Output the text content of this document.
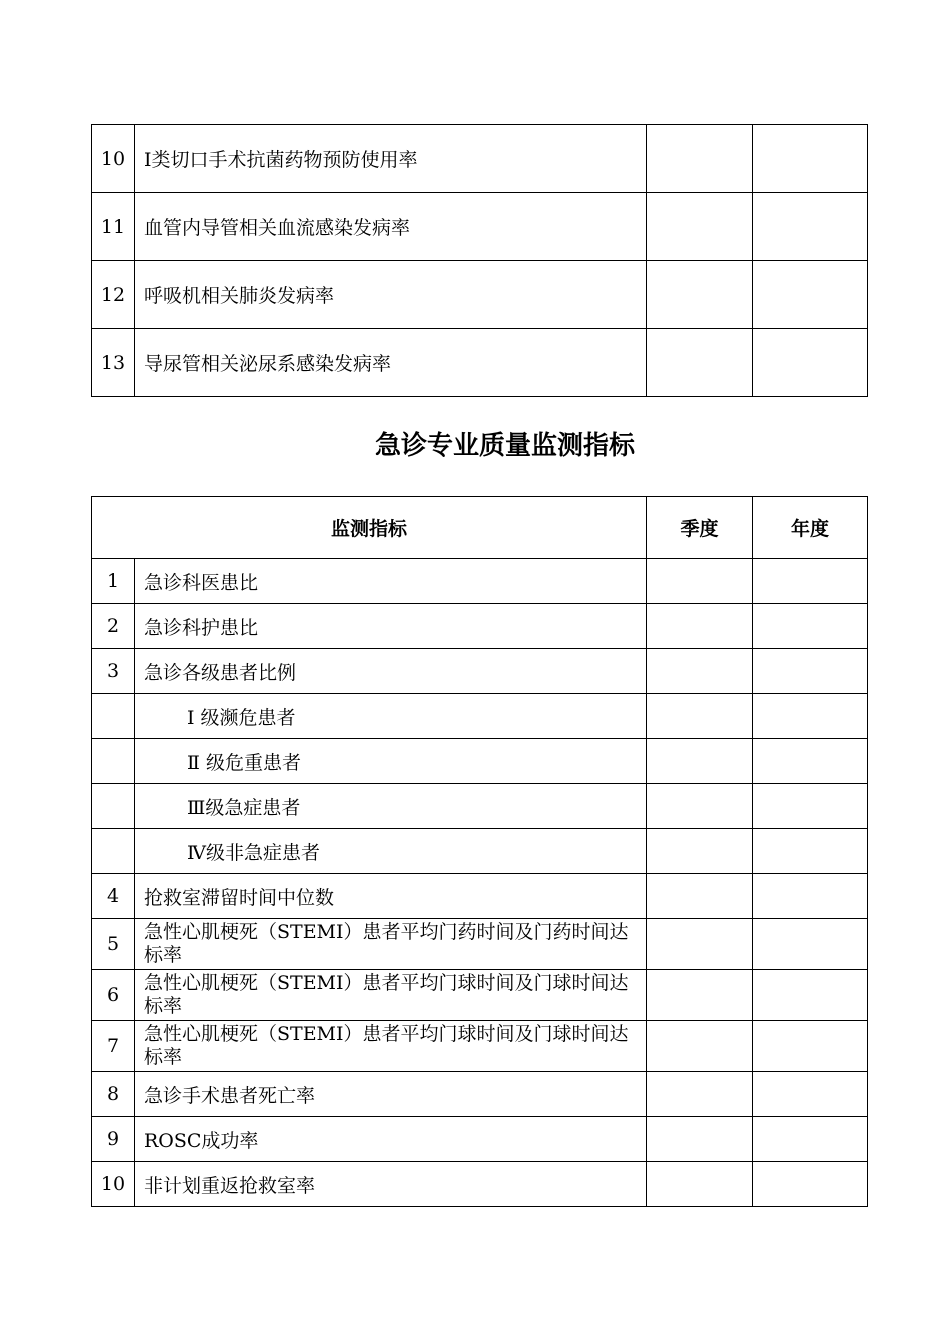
10	I类切口手术抗菌药物预防使用率		
11	血管内导管相关血流感染发病率		
12	呼吸机相关肺炎发病率		
13	导尿管相关泌尿系感染发病率		
急诊专业质量监测指标
监测指标		季度	年度
1	急诊科医患比		
2	急诊科护患比		
3	急诊各级患者比例		
	Ⅰ 级濒危患者		
	Ⅱ 级危重患者		
	Ⅲ级急症患者		
	Ⅳ级非急症患者		
4	抢救室滞留时间中位数		
5	急性心肌梗死（STEMI）患者平均门药时间及门药时间达标率		
6	急性心肌梗死（STEMI）患者平均门球时间及门球时间达标率		
7	急性心肌梗死（STEMI）患者平均门球时间及门球时间达标率		
8	急诊手术患者死亡率		
9	ROSC成功率		
10	非计划重返抢救室率		
